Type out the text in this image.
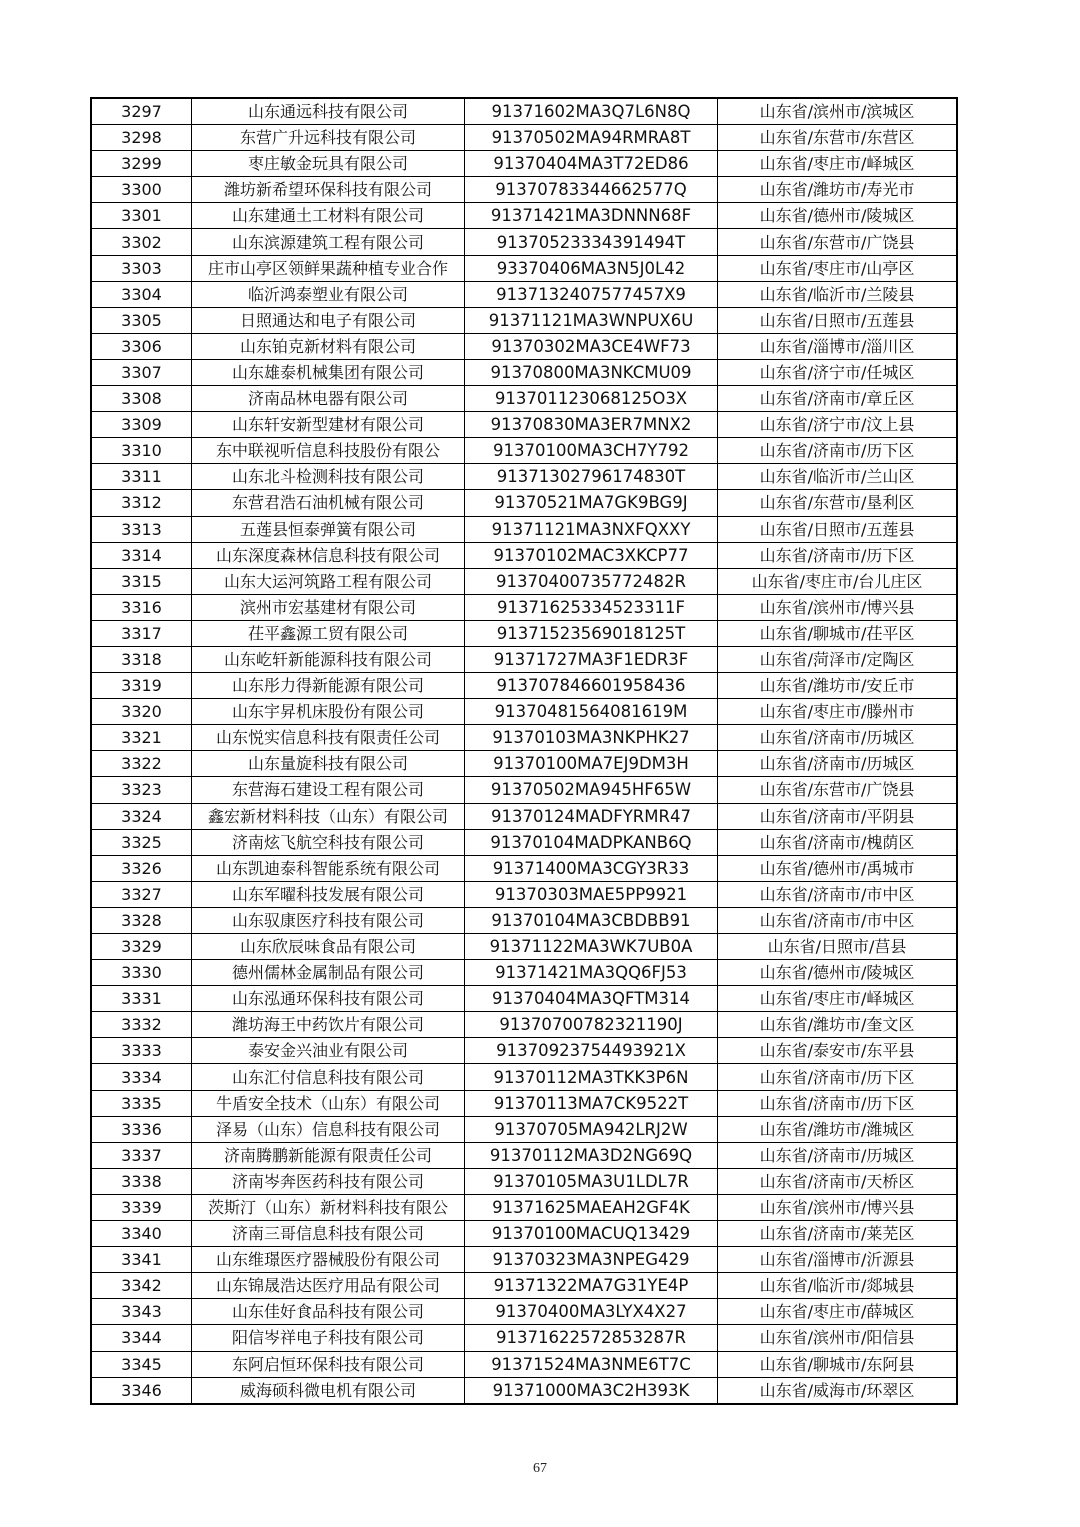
3297	山东通远科技有限公司	91371602MA3Q7L6N8Q	山东省/滨州市/滨城区
3298	东营广升远科技有限公司	91370502MA94RMRA8T	山东省/东营市/东营区
3299	枣庄敏金玩具有限公司	91370404MA3T72ED86	山东省/枣庄市/峄城区
3300	潍坊新希望环保科技有限公司	91370783344662577Q	山东省/潍坊市/寿光市
3301	山东建通土工材料有限公司	91371421MA3DNNN68F	山东省/德州市/陵城区
3302	山东滨源建筑工程有限公司	91370523334391494T	山东省/东营市/广饶县
3303	庄市山亭区领鲜果蔬种植专业合作	93370406MA3N5J0L42	山东省/枣庄市/山亭区
3304	临沂鸿泰塑业有限公司	9137132407577457X9	山东省/临沂市/兰陵县
3305	日照通达和电子有限公司	91371121MA3WNPUX6U	山东省/日照市/五莲县
3306	山东铂克新材料有限公司	91370302MA3CE4WF73	山东省/淄博市/淄川区
3307	山东雄泰机械集团有限公司	91370800MA3NKCMU09	山东省/济宁市/任城区
3308	济南品林电器有限公司	913701123068125O3X	山东省/济南市/章丘区
3309	山东轩安新型建材有限公司	91370830MA3ER7MNX2	山东省/济宁市/汶上县
3310	东中联视听信息科技股份有限公	91370100MA3CH7Y792	山东省/济南市/历下区
3311	山东北斗检测科技有限公司	91371302796174830T	山东省/临沂市/兰山区
3312	东营君浩石油机械有限公司	91370521MA7GK9BG9J	山东省/东营市/垦利区
3313	五莲县恒泰弹簧有限公司	91371121MA3NXFQXXY	山东省/日照市/五莲县
3314	山东深度森林信息科技有限公司	91370102MAC3XKCP77	山东省/济南市/历下区
3315	山东大运河筑路工程有限公司	91370400735772482R	山东省/枣庄市/台儿庄区
3316	滨州市宏基建材有限公司	91371625334523311F	山东省/滨州市/博兴县
3317	茌平鑫源工贸有限公司	91371523569018125T	山东省/聊城市/茌平区
3318	山东屹轩新能源科技有限公司	91371727MA3F1EDR3F	山东省/菏泽市/定陶区
3319	山东彤力得新能源有限公司	913707846601958436	山东省/潍坊市/安丘市
3320	山东宇昇机床股份有限公司	91370481564081619M	山东省/枣庄市/滕州市
3321	山东悦实信息科技有限责任公司	91370103MA3NKPHK27	山东省/济南市/历城区
3322	山东量旋科技有限公司	91370100MA7EJ9DM3H	山东省/济南市/历城区
3323	东营海石建设工程有限公司	91370502MA945HF65W	山东省/东营市/广饶县
3324	鑫宏新材料科技（山东）有限公司	91370124MADFYRMR47	山东省/济南市/平阴县
3325	济南炫飞航空科技有限公司	91370104MADPKANB6Q	山东省/济南市/槐荫区
3326	山东凯迪泰科智能系统有限公司	91371400MA3CGY3R33	山东省/德州市/禹城市
3327	山东军曜科技发展有限公司	91370303MAE5PP9921	山东省/济南市/市中区
3328	山东驭康医疗科技有限公司	91370104MA3CBDBB91	山东省/济南市/市中区
3329	山东欣辰味食品有限公司	91371122MA3WK7UB0A	山东省/日照市/莒县
3330	德州儒林金属制品有限公司	91371421MA3QQ6FJ53	山东省/德州市/陵城区
3331	山东泓通环保科技有限公司	91370404MA3QFTM314	山东省/枣庄市/峄城区
3332	潍坊海王中药饮片有限公司	91370700782321190J	山东省/潍坊市/奎文区
3333	泰安金兴油业有限公司	91370923754493921X	山东省/泰安市/东平县
3334	山东汇付信息科技有限公司	91370112MA3TKK3P6N	山东省/济南市/历下区
3335	牛盾安全技术（山东）有限公司	91370113MA7CK9522T	山东省/济南市/历下区
3336	泽易（山东）信息科技有限公司	91370705MA942LRJ2W	山东省/潍坊市/潍城区
3337	济南腾鹏新能源有限责任公司	91370112MA3D2NG69Q	山东省/济南市/历城区
3338	济南岑奔医药科技有限公司	91370105MA3U1LDL7R	山东省/济南市/天桥区
3339	茨斯汀（山东）新材料科技有限公	91371625MAEAH2GF4K	山东省/滨州市/博兴县
3340	济南三哥信息科技有限公司	91370100MACUQ13429	山东省/济南市/莱芜区
3341	山东维璟医疗器械股份有限公司	91370323MA3NPEG429	山东省/淄博市/沂源县
3342	山东锦晟浩达医疗用品有限公司	91371322MA7G31YE4P	山东省/临沂市/郯城县
3343	山东佳好食品科技有限公司	91370400MA3LYX4X27	山东省/枣庄市/薛城区
3344	阳信岑祥电子科技有限公司	91371622572853287R	山东省/滨州市/阳信县
3345	东阿启恒环保科技有限公司	91371524MA3NME6T7C	山东省/聊城市/东阿县
3346	威海硕科微电机有限公司	91371000MA3C2H393K	山东省/威海市/环翠区
67
